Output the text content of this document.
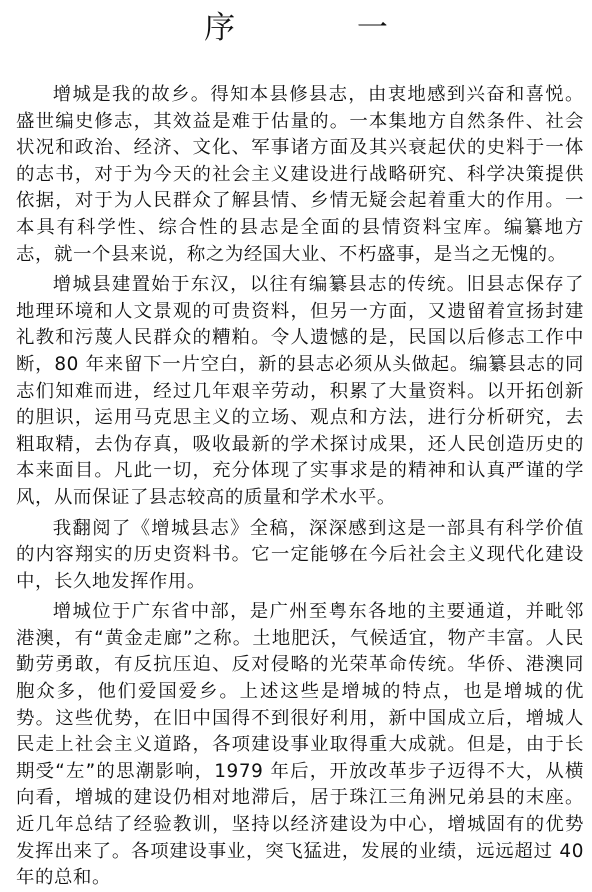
序 一

增城是我的故乡。得知本县修县志，由衷地感到兴奋和喜悦。盛世编史修志，其效益是难于估量的。一本集地方自然条件、社会状况和政治、经济、文化、军事诸方面及其兴衰起伏的史料于一体的志书，对于为今天的社会主义建设进行战略研究、科学决策提供依据，对于为人民群众了解县情、乡情无疑会起着重大的作用。一本具有科学性、综合性的县志是全面的县情资料宝库。编纂地方志，就一个县来说，称之为经国大业、不朽盛事，是当之无愧的。

增城县建置始于东汉，以往有编纂县志的传统。旧县志保存了地理环境和人文景观的可贵资料，但另一方面，又遗留着宣扬封建礼教和污蔑人民群众的糟粕。令人遗憾的是，民国以后修志工作中断，80 年来留下一片空白，新的县志必须从头做起。编纂县志的同志们知难而进，经过几年艰辛劳动，积累了大量资料。以开拓创新的胆识，运用马克思主义的立场、观点和方法，进行分析研究，去粗取精，去伪存真，吸收最新的学术探讨成果，还人民创造历史的本来面目。凡此一切，充分体现了实事求是的精神和认真严谨的学风，从而保证了县志较高的质量和学术水平。

我翻阅了《增城县志》全稿，深深感到这是一部具有科学价值的内容翔实的历史资料书。它一定能够在今后社会主义现代化建设中，长久地发挥作用。

增城位于广东省中部，是广州至粤东各地的主要通道，并毗邻港澳，有“黄金走廊”之称。土地肥沃，气候适宜，物产丰富。人民勤劳勇敢，有反抗压迫、反对侵略的光荣革命传统。华侨、港澳同胞众多，他们爱国爱乡。上述这些是增城的特点，也是增城的优势。这些优势，在旧中国得不到很好利用，新中国成立后，增城人民走上社会主义道路，各项建设事业取得重大成就。但是，由于长期受“左”的思潮影响，1979 年后，开放改革步子迈得不大，从横向看，增城的建设仍相对地滞后，居于珠江三角洲兄弟县的末座。近几年总结了经验教训，坚持以经济建设为中心，增城固有的优势发挥出来了。各项建设事业，突飞猛进，发展的业绩，远远超过 40 年的总和。
